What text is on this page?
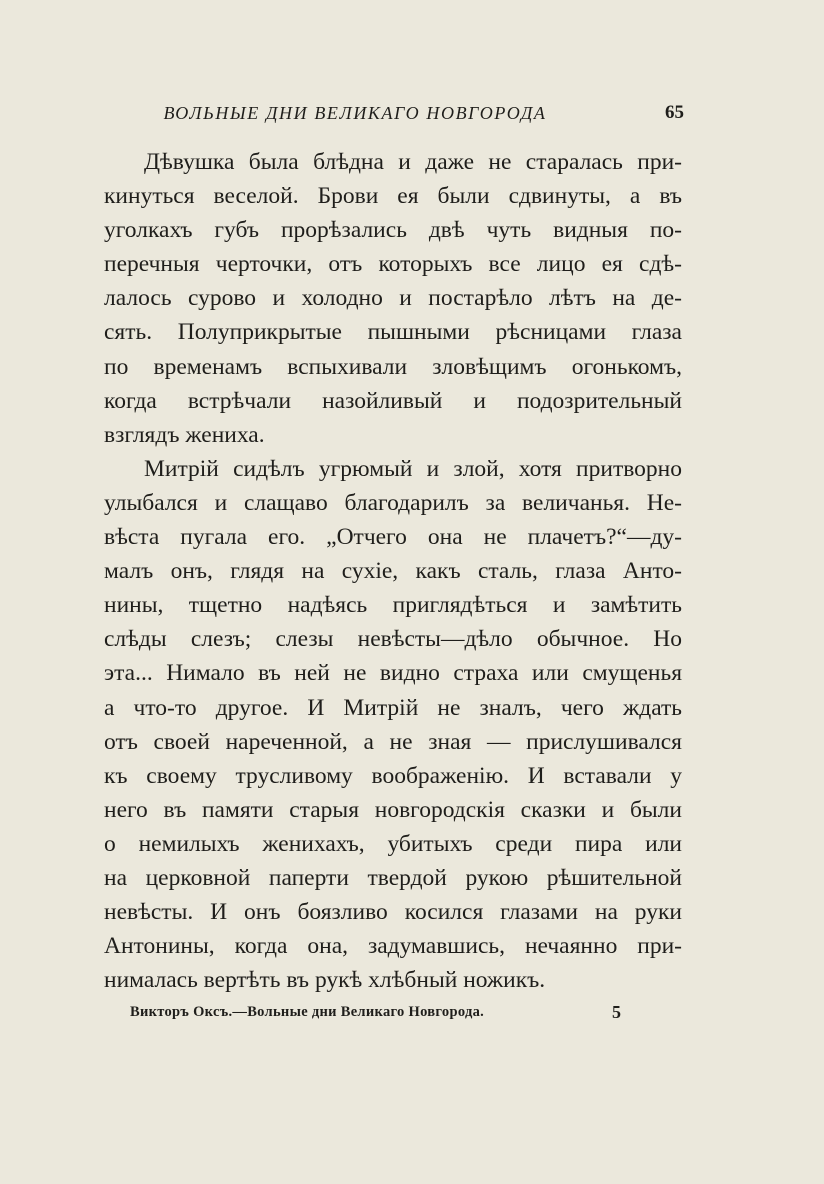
ВОЛЬНЫЕ ДНИ ВЕЛИКАГО НОВГОРОДА	65

Дѣвушка была блѣдна и даже не старалась при-
кинуться веселой. Брови ея были сдвинуты, а въ
уголкахъ губъ прорѣзались двѣ чуть видныя по-
перечныя черточки, отъ которыхъ все лицо ея сдѣ-
лалось сурово и холодно и постарѣло лѣтъ на де-
сять. Полуприкрытые пышными рѣсницами глаза
по временамъ вспыхивали зловѣщимъ огонькомъ,
когда встрѣчали назойливый и подозрительный
взглядъ жениха.

Митрій сидѣлъ угрюмый и злой, хотя притворно
улыбался и слащаво благодарилъ за величанья. Не-
вѣста пугала его. „Отчего она не плачетъ?“—ду-
малъ онъ, глядя на сухіе, какъ сталь, глаза Анто-
нины, тщетно надѣясь приглядѣться и замѣтить
слѣды слезъ; слезы невѣсты—дѣло обычное. Но
эта... Нимало въ ней не видно страха или смущенья
а что-то другое. И Митрій не зналъ, чего ждать
отъ своей нареченной, а не зная — прислушивался
къ своему трусливому воображенію. И вставали у
него въ памяти старыя новгородскія сказки и были
о немилыхъ женихахъ, убитыхъ среди пира или
на церковной паперти твердой рукою рѣшительной
невѣсты. И онъ боязливо косился глазами на руки
Антонины, когда она, задумавшись, нечаянно при-
нималась вертѣть въ рукѣ хлѣбный ножикъ.

Викторъ Оксъ.—Вольные дни Великаго Новгорода.	5
